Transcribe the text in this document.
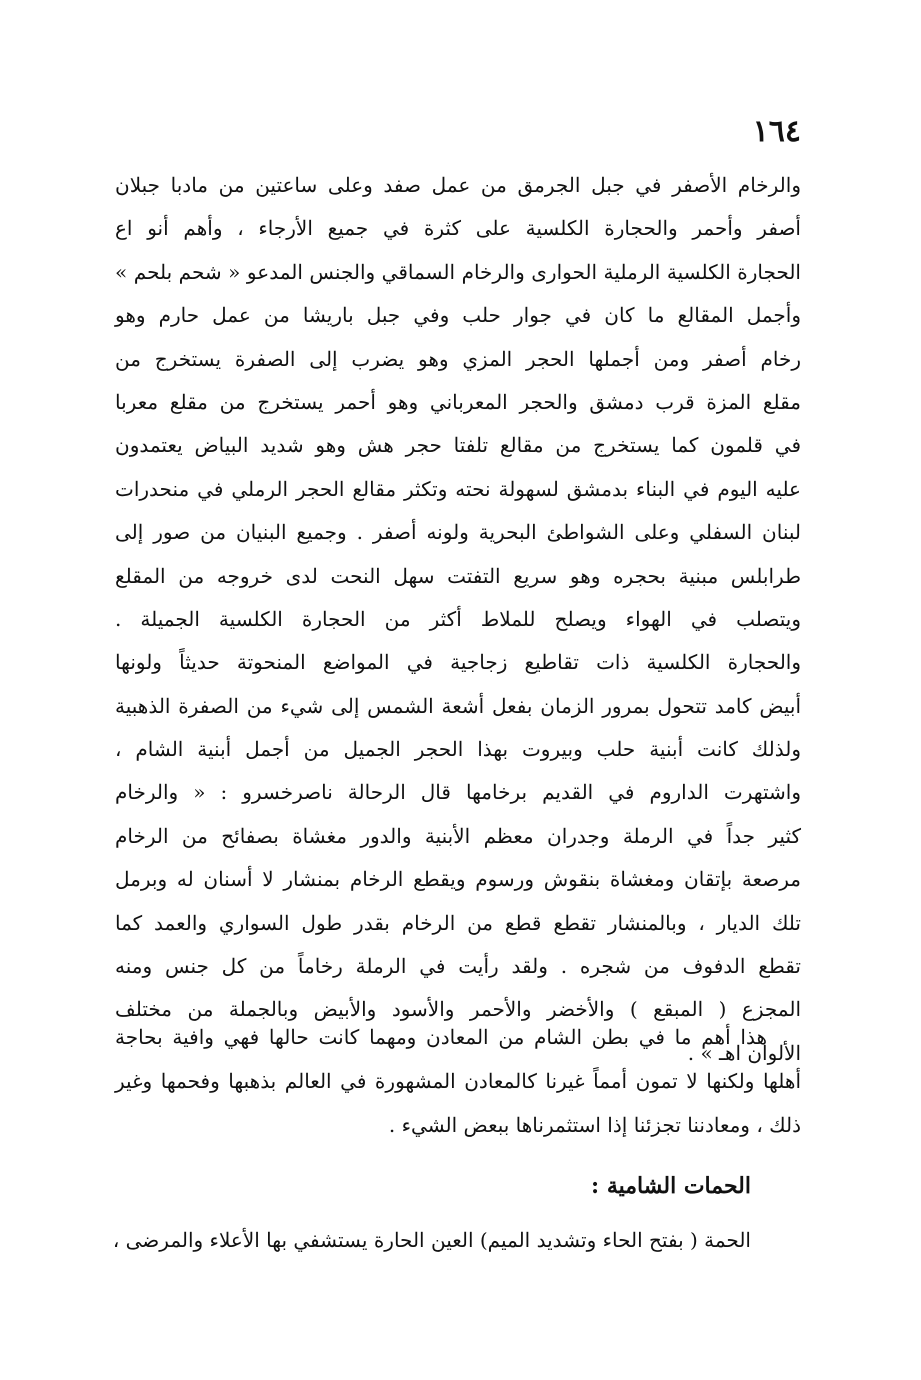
١٦٤
والرخام الأصفر في جبل الجرمق من عمل صفد وعلى ساعتين من مادبا جبلان
أصفر وأحمر والحجارة الكلسية على كثرة في جميع الأرجاء ، وأهم أنو اع
الحجارة الكلسية الرملية الحوارى والرخام السماقي والجنس المدعو « شحم بلحم »
وأجمل المقالع ما كان في جوار حلب وفي جبل باريشا من عمل حارم وهو
رخام أصفر ومن أجملها الحجر المزي وهو يضرب إلى الصفرة يستخرج من
مقلع المزة قرب دمشق والحجر المعرباني وهو أحمر يستخرج من مقلع معربا
في قلمون كما يستخرج من مقالع تلفتا حجر هش وهو شديد البياض يعتمدون
عليه اليوم في البناء بدمشق لسهولة نحته وتكثر مقالع الحجر الرملي في منحدرات
لبنان السفلي وعلى الشواطئ البحرية ولونه أصفر . وجميع البنيان من صور إلى
طرابلس مبنية بحجره وهو سريع التفتت سهل النحت لدى خروجه من المقلع
ويتصلب في الهواء ويصلح للملاط أكثر من الحجارة الكلسية الجميلة .
والحجارة الكلسية ذات تقاطيع زجاجية في المواضع المنحوتة حديثاً ولونها
أبيض كامد تتحول بمرور الزمان بفعل أشعة الشمس إلى شيء من الصفرة الذهبية
ولذلك كانت أبنية حلب وبيروت بهذا الحجر الجميل من أجمل أبنية الشام ،
واشتهرت الداروم في القديم برخامها قال الرحالة ناصرخسرو : « والرخام
كثير جداً في الرملة وجدران معظم الأبنية والدور مغشاة بصفائح من الرخام
مرصعة بإتقان ومغشاة بنقوش ورسوم ويقطع الرخام بمنشار لا أسنان له وبرمل
تلك الديار ، وبالمنشار تقطع قطع من الرخام بقدر طول السواري والعمد كما
تقطع الدفوف من شجره . ولقد رأيت في الرملة رخاماً من كل جنس ومنه
المجزع ( المبقع ) والأخضر والأحمر والأسود والأبيض وبالجملة من مختلف
الألوان اهـ » .
هذا أهم ما في بطن الشام من المعادن ومهما كانت حالها فهي وافية بحاجة
أهلها ولكنها لا تمون أمماً غيرنا كالمعادن المشهورة في العالم بذهبها وفحمها وغير
ذلك ، ومعادننا تجزئنا إذا استثمرناها ببعض الشيء .
الحمات الشامية :
الحمة ( بفتح الحاء وتشديد الميم) العين الحارة يستشفي بها الأعلاء والمرضى ،
